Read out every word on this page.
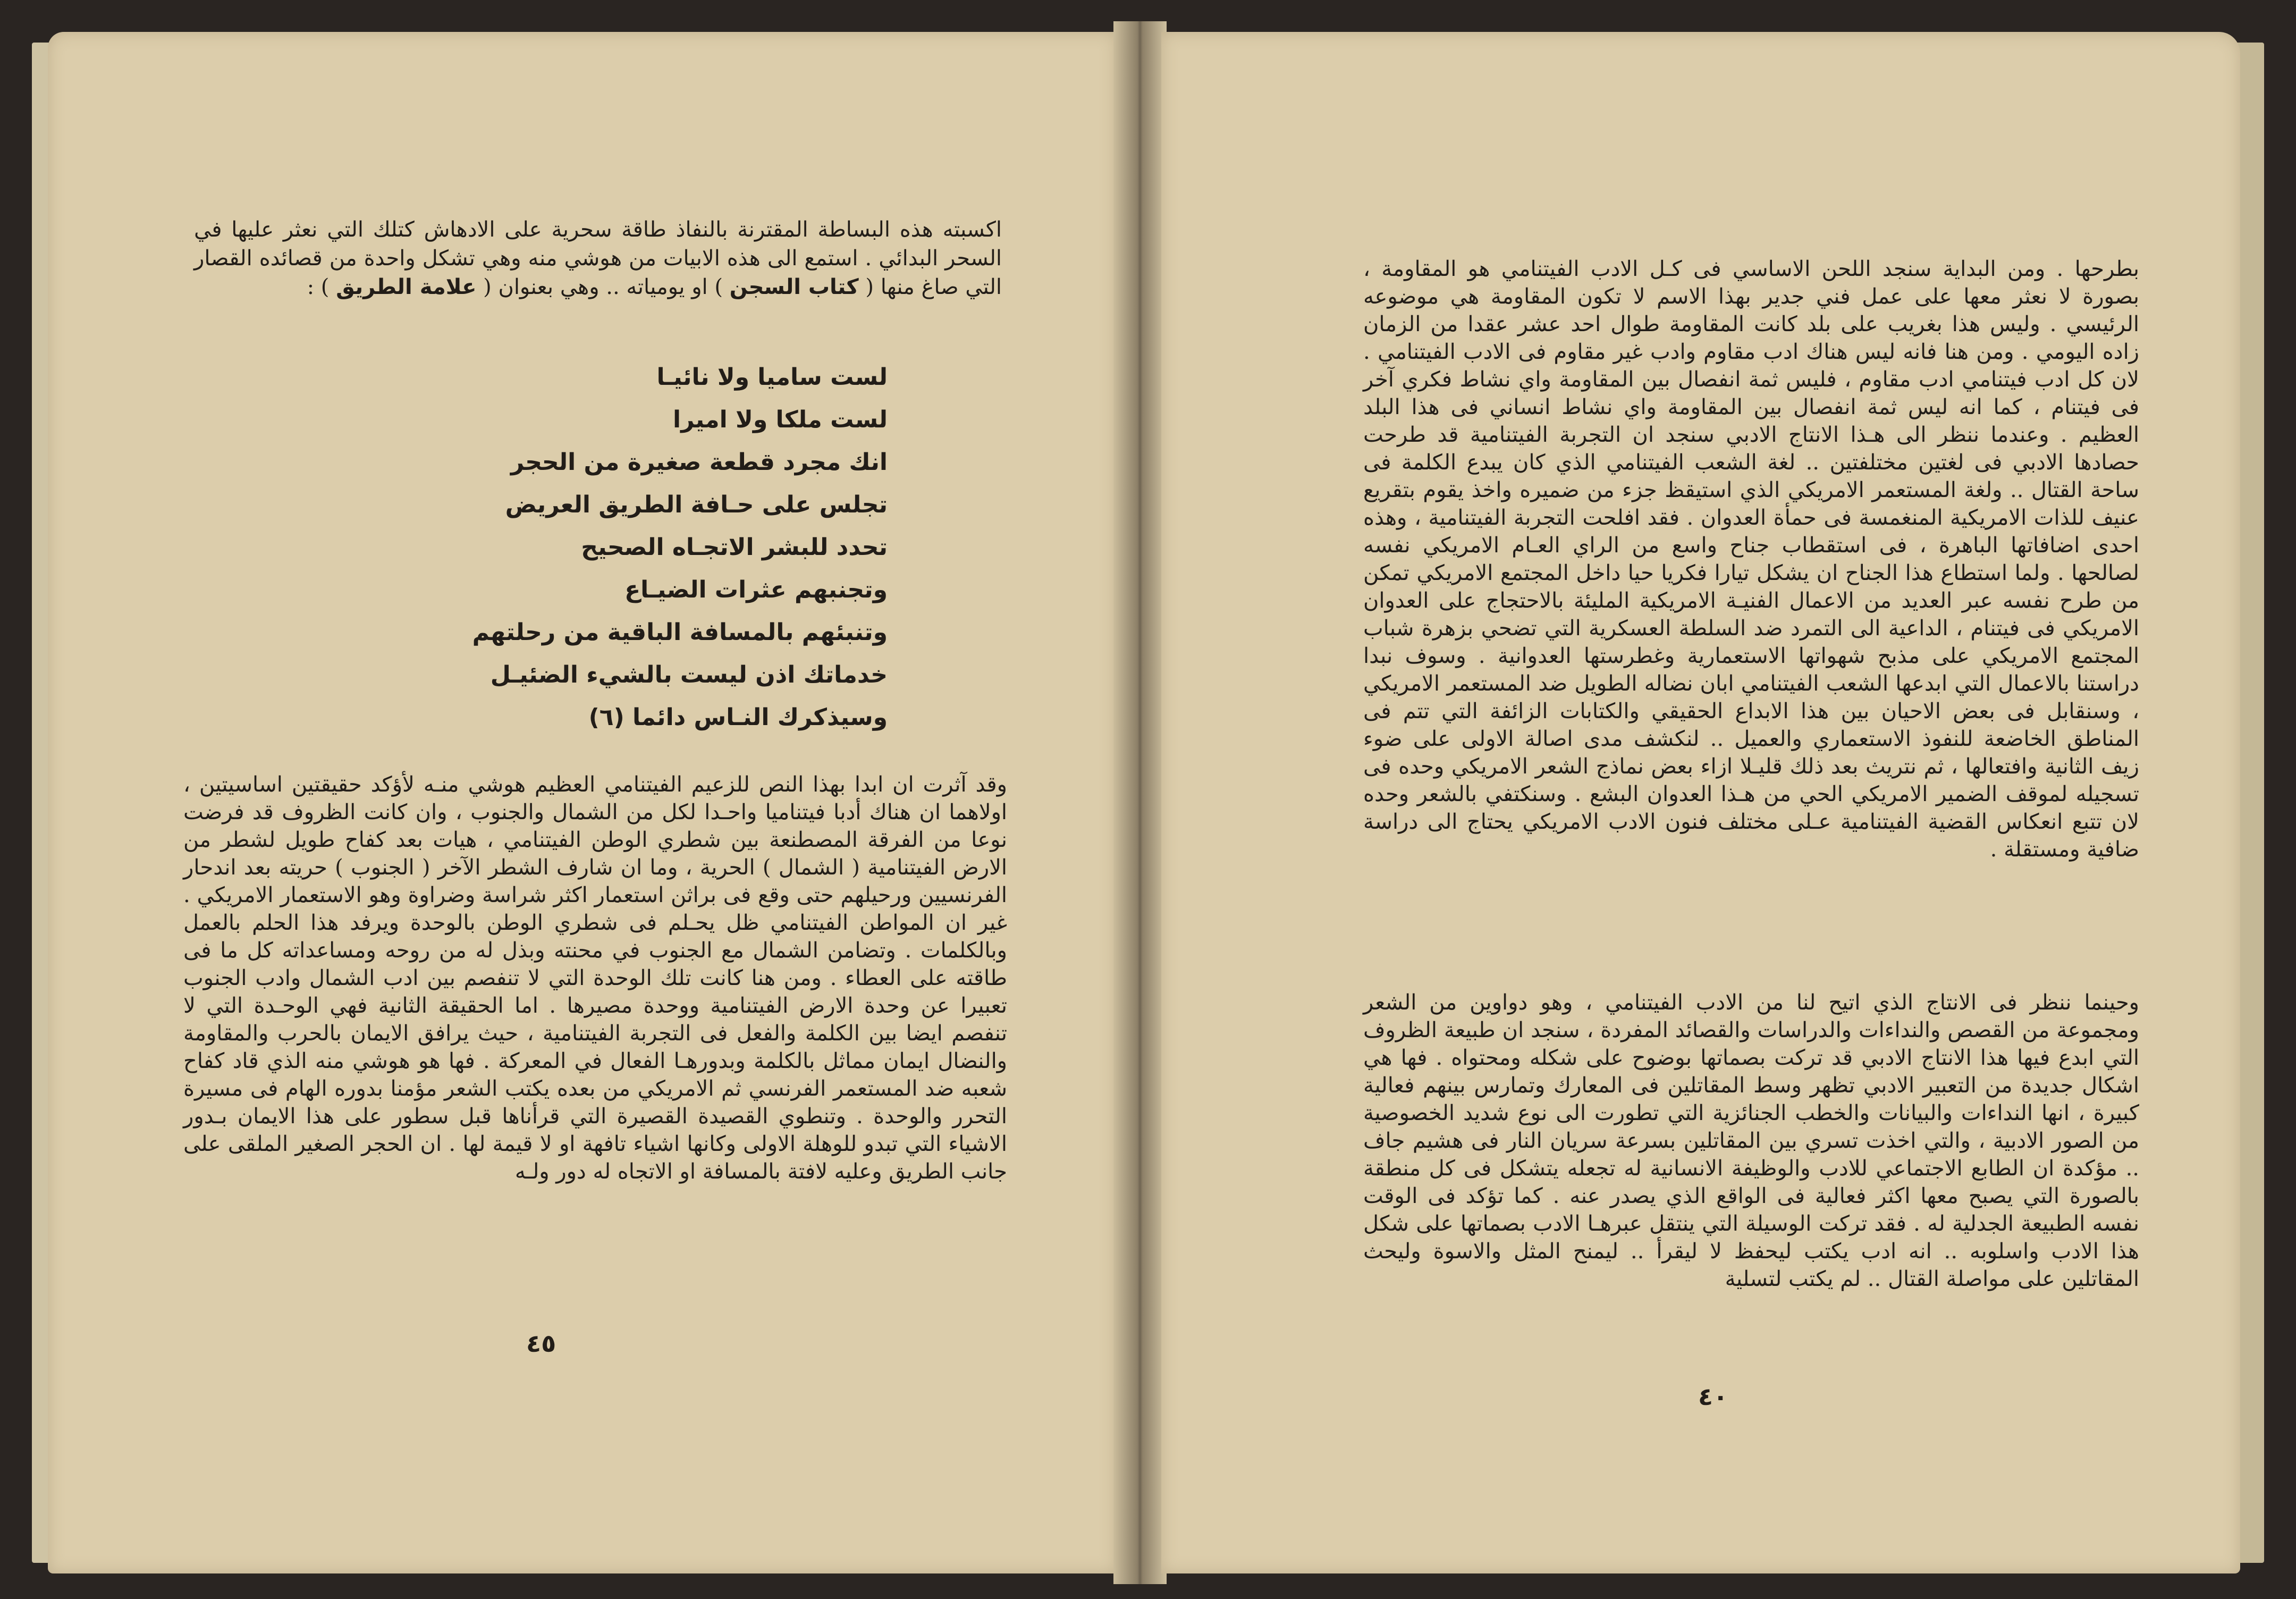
اكسبته هذه البساطة المقترنة بالنفاذ طاقة سحرية على الادهاش كتلك التي نعثر عليها في السحر البدائي . استمع الى هذه الابيات من هوشي منه وهي تشكل واحدة من قصائده القصار التي صاغ منها ( كتاب السجن ) او يومياته .. وهي بعنوان ( علامة الطريق ) :

لست ساميا ولا نائيـا
لست ملكا ولا اميرا
انك مجرد قطعة صغيرة من الحجر
تجلس على حـافة الطريق العريض
تحدد للبشر الاتجـاه الصحيح
وتجنبهم عثرات الضيـاع
وتنبئهم بالمسافة الباقية من رحلتهم
خدماتك اذن ليست بالشيء الضئيـل
وسيذكرك النـاس دائما (٦)

وقد آثرت ان ابدا بهذا النص للزعيم الفيتنامي العظيم هوشي منـه لأؤكد حقيقتين اساسيتين ، اولاهما ان هناك أدبا فيتناميا واحـدا لكل من الشمال والجنوب ، وان كانت الظروف قد فرضت نوعا من الفرقة المصطنعة بين شطري الوطن الفيتنامي ، هيات بعد كفاح طويل لشطر من الارض الفيتنامية ( الشمال ) الحرية ، وما ان شارف الشطر الآخر ( الجنوب ) حريته بعد اندحار الفرنسيين ورحيلهم حتى وقع فى براثن استعمار اكثر شراسة وضراوة وهو الاستعمار الامريكي . غير ان المواطن الفيتنامي ظل يحـلم فى شطري الوطن بالوحدة ويرفد هذا الحلم بالعمل وبالكلمات . وتضامن الشمال مع الجنوب في محنته وبذل له من روحه ومساعداته كل ما فى طاقته على العطاء . ومن هنا كانت تلك الوحدة التي لا تنفصم بين ادب الشمال وادب الجنوب تعبيرا عن وحدة الارض الفيتنامية ووحدة مصيرها . اما الحقيقة الثانية فهي الوحـدة التي لا تنفصم ايضا بين الكلمة والفعل فى التجربة الفيتنامية ، حيث يرافق الايمان بالحرب والمقاومة والنضال ايمان مماثل بالكلمة وبدورهـا الفعال في المعركة . فها هو هوشي منه الذي قاد كفاح شعبه ضد المستعمر الفرنسي ثم الامريكي من بعده يكتب الشعر مؤمنا بدوره الهام فى مسيرة التحرر والوحدة . وتنطوي القصيدة القصيرة التي قرأناها قبل سطور على هذا الايمان بـدور الاشياء التي تبدو للوهلة الاولى وكانها اشياء تافهة او لا قيمة لها . ان الحجر الصغير الملقى على جانب الطريق وعليه لافتة بالمسافة او الاتجاه له دور ولـه

٤٥

بطرحها . ومن البداية سنجد اللحن الاساسي فى كـل الادب الفيتنامي هو المقاومة ، بصورة لا نعثر معها على عمل فني جدير بهذا الاسم لا تكون المقاومة هي موضوعه الرئيسي . وليس هذا بغريب على بلد كانت المقاومة طوال احد عشر عقدا من الزمان زاده اليومي . ومن هنا فانه ليس هناك ادب مقاوم وادب غير مقاوم فى الادب الفيتنامي . لان كل ادب فيتنامي ادب مقاوم ، فليس ثمة انفصال بين المقاومة واي نشاط فكري آخر فى فيتنام ، كما انه ليس ثمة انفصال بين المقاومة واي نشاط انساني فى هذا البلد العظيم . وعندما ننظر الى هـذا الانتاج الادبي سنجد ان التجربة الفيتنامية قد طرحت حصادها الادبي فى لغتين مختلفتين .. لغة الشعب الفيتنامي الذي كان يبدع الكلمة فى ساحة القتال .. ولغة المستعمر الامريكي الذي استيقظ جزء من ضميره واخذ يقوم بتقريع عنيف للذات الامريكية المنغمسة فى حمأة العدوان . فقد افلحت التجربة الفيتنامية ، وهذه احدى اضافاتها الباهرة ، فى استقطاب جناح واسع من الراي العـام الامريكي نفسه لصالحها . ولما استطاع هذا الجناح ان يشكل تيارا فكريا حيا داخل المجتمع الامريكي تمكن من طرح نفسه عبر العديد من الاعمال الفنيـة الامريكية المليئة بالاحتجاج على العدوان الامريكي فى فيتنام ، الداعية الى التمرد ضد السلطة العسكرية التي تضحي بزهرة شباب المجتمع الامريكي على مذبح شهواتها الاستعمارية وغطرستها العدوانية . وسوف نبدا دراستنا بالاعمال التي ابدعها الشعب الفيتنامي ابان نضاله الطويل ضد المستعمر الامريكي ، وسنقابل فى بعض الاحيان بين هذا الابداع الحقيقي والكتابات الزائفة التي تتم فى المناطق الخاضعة للنفوذ الاستعماري والعميل .. لنكشف مدى اصالة الاولى على ضوء زيف الثانية وافتعالها ، ثم نتريث بعد ذلك قليـلا ازاء بعض نماذج الشعر الامريكي وحده فى تسجيله لموقف الضمير الامريكي الحي من هـذا العدوان البشع . وسنكتفي بالشعر وحده لان تتبع انعكاس القضية الفيتنامية عـلى مختلف فنون الادب الامريكي يحتاج الى دراسة ضافية ومستقلة .

وحينما ننظر فى الانتاج الذي اتيح لنا من الادب الفيتنامي ، وهو دواوين من الشعر ومجموعة من القصص والنداءات والدراسات والقصائد المفردة ، سنجد ان طبيعة الظروف التي ابدع فيها هذا الانتاج الادبي قد تركت بصماتها بوضوح على شكله ومحتواه . فها هي اشكال جديدة من التعبير الادبي تظهر وسط المقاتلين فى المعارك وتمارس بينهم فعالية كبيرة ، انها النداءات والبيانات والخطب الجنائزية التي تطورت الى نوع شديد الخصوصية من الصور الادبية ، والتي اخذت تسري بين المقاتلين بسرعة سريان النار فى هشيم جاف .. مؤكدة ان الطابع الاجتماعي للادب والوظيفة الانسانية له تجعله يتشكل فى كل منطقة بالصورة التي يصبح معها اكثر فعالية فى الواقع الذي يصدر عنه . كما تؤكد فى الوقت نفسه الطبيعة الجدلية له . فقد تركت الوسيلة التي ينتقل عبرهـا الادب بصماتها على شكل هذا الادب واسلوبه .. انه ادب يكتب ليحفظ لا ليقرأ .. ليمنح المثل والاسوة وليحث المقاتلين على مواصلة القتال .. لم يكتب لتسلية

٤٠
